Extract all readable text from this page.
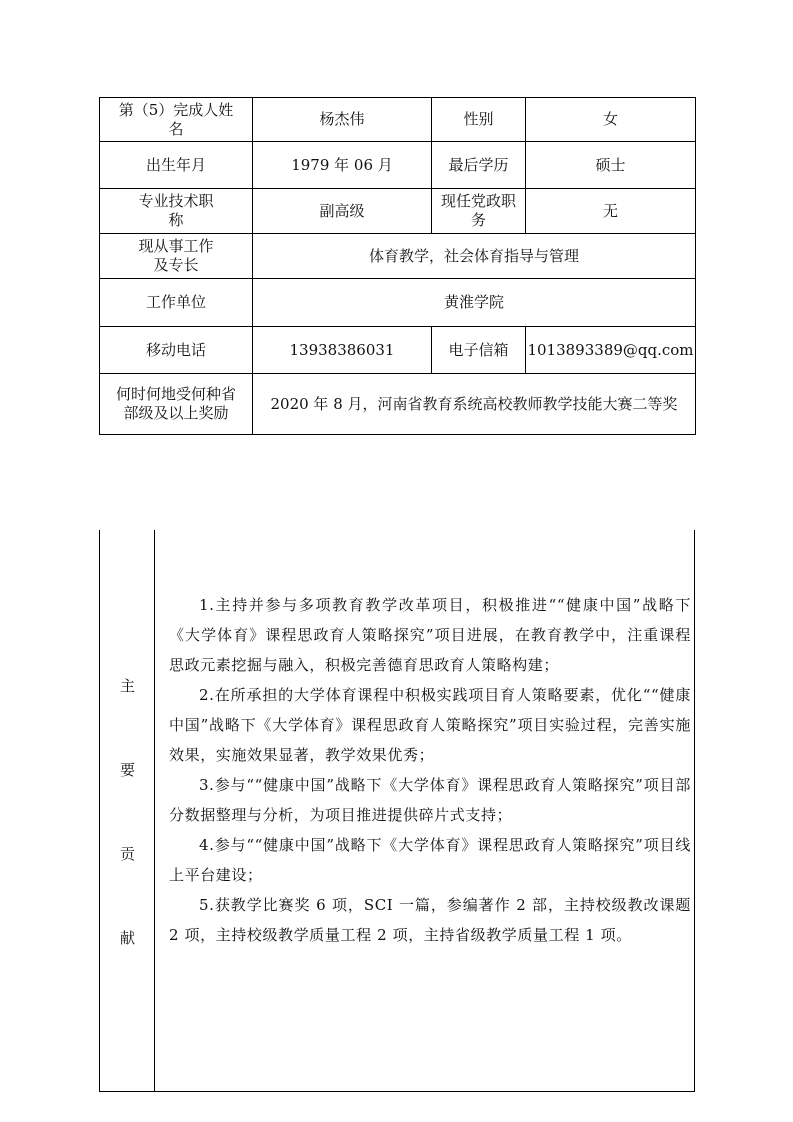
第（5）完成人姓名	杨杰伟	性别	女
出生年月	1979 年 06 月	最后学历	硕士
专业技术职　　称	副高级	现任党政职务	无
现从事工作及专长	体育教学，社会体育指导与管理		
工作单位	黄淮学院		
移动电话	13938386031	电子信箱	1013893389@qq.com
何时何地受何种省部级及以上奖励	2020 年 8 月，河南省教育系统高校教师教学技能大赛二等奖		
主
要
贡
献

1.主持并参与多项教育教学改革项目，积极推进““健康中国”战略下《大学体育》课程思政育人策略探究”项目进展，在教育教学中，注重课程思政元素挖掘与融入，积极完善德育思政育人策略构建；

2.在所承担的大学体育课程中积极实践项目育人策略要素，优化““健康中国”战略下《大学体育》课程思政育人策略探究”项目实验过程，完善实施效果，实施效果显著，教学效果优秀；

3.参与““健康中国”战略下《大学体育》课程思政育人策略探究”项目部分数据整理与分析，为项目推进提供碎片式支持；

4.参与““健康中国”战略下《大学体育》课程思政育人策略探究”项目线上平台建设；

5.获教学比赛奖 6 项，SCI 一篇，参编著作 2 部，主持校级教改课题 2 项，主持校级教学质量工程 2 项，主持省级教学质量工程 1 项。
